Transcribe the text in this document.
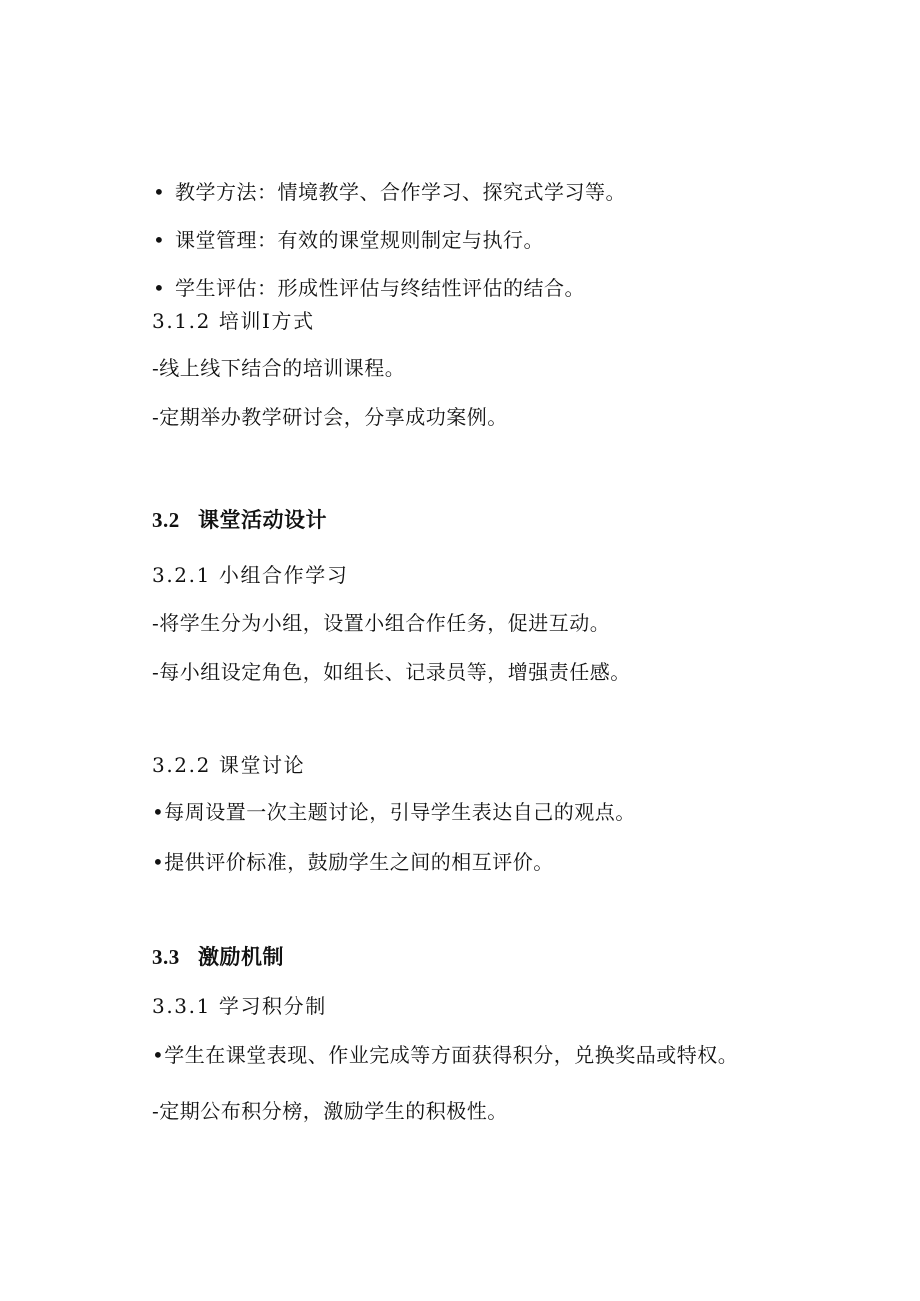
• 教学方法：情境教学、合作学习、探究式学习等。
• 课堂管理：有效的课堂规则制定与执行。
• 学生评估：形成性评估与终结性评估的结合。
3.1.2 培训I方式
-线上线下结合的培训课程。
-定期举办教学研讨会，分享成功案例。
3.2 课堂活动设计
3.2.1 小组合作学习
-将学生分为小组，设置小组合作任务，促进互动。
-每小组设定角色，如组长、记录员等，增强责任感。
3.2.2 课堂讨论
•每周设置一次主题讨论，引导学生表达自己的观点。
•提供评价标准，鼓励学生之间的相互评价。
3.3 激励机制
3.3.1 学习积分制
•学生在课堂表现、作业完成等方面获得积分，兑换奖品或特权。
-定期公布积分榜，激励学生的积极性。
